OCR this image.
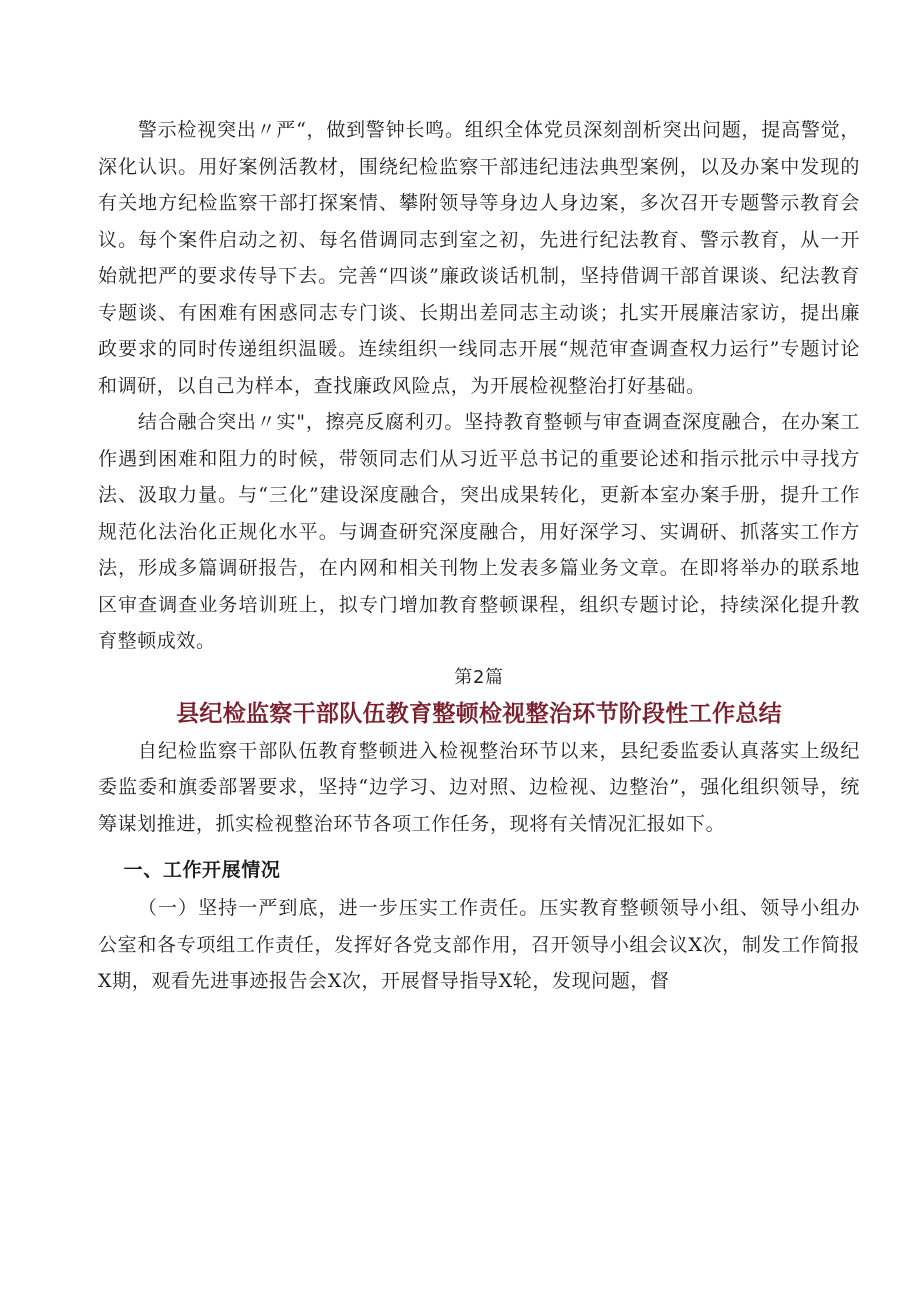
警示检视突出〃严“，做到警钟长鸣。组织全体党员深刻剖析突出问题，提高警觉，深化认识。用好案例活教材，围绕纪检监察干部违纪违法典型案例，以及办案中发现的有关地方纪检监察干部打探案情、攀附领导等身边人身边案，多次召开专题警示教育会议。每个案件启动之初、每名借调同志到室之初，先进行纪法教育、警示教育，从一开始就把严的要求传导下去。完善“四谈”廉政谈话机制，坚持借调干部首课谈、纪法教育专题谈、有困难有困惑同志专门谈、长期出差同志主动谈；扎实开展廉洁家访，提出廉政要求的同时传递组织温暖。连续组织一线同志开展“规范审查调查权力运行”专题讨论和调研，以自己为样本，查找廉政风险点，为开展检视整治打好基础。

结合融合突出〃实"，擦亮反腐利刃。坚持教育整顿与审查调查深度融合，在办案工作遇到困难和阻力的时候，带领同志们从习近平总书记的重要论述和指示批示中寻找方法、汲取力量。与“三化”建设深度融合，突出成果转化，更新本室办案手册，提升工作规范化法治化正规化水平。与调查研究深度融合，用好深学习、实调研、抓落实工作方法，形成多篇调研报告，在内网和相关刊物上发表多篇业务文章。在即将举办的联系地区审查调查业务培训班上，拟专门增加教育整顿课程，组织专题讨论，持续深化提升教育整顿成效。

第2篇

县纪检监察干部队伍教育整顿检视整治环节阶段性工作总结

自纪检监察干部队伍教育整顿进入检视整治环节以来，县纪委监委认真落实上级纪委监委和旗委部署要求，坚持“边学习、边对照、边检视、边整治”，强化组织领导，统筹谋划推进，抓实检视整治环节各项工作任务，现将有关情况汇报如下。

一、工作开展情况

（一）坚持一严到底，进一步压实工作责任。压实教育整顿领导小组、领导小组办公室和各专项组工作责任，发挥好各党支部作用，召开领导小组会议X次，制发工作简报X期，观看先进事迹报告会X次，开展督导指导X轮，发现问题，督
